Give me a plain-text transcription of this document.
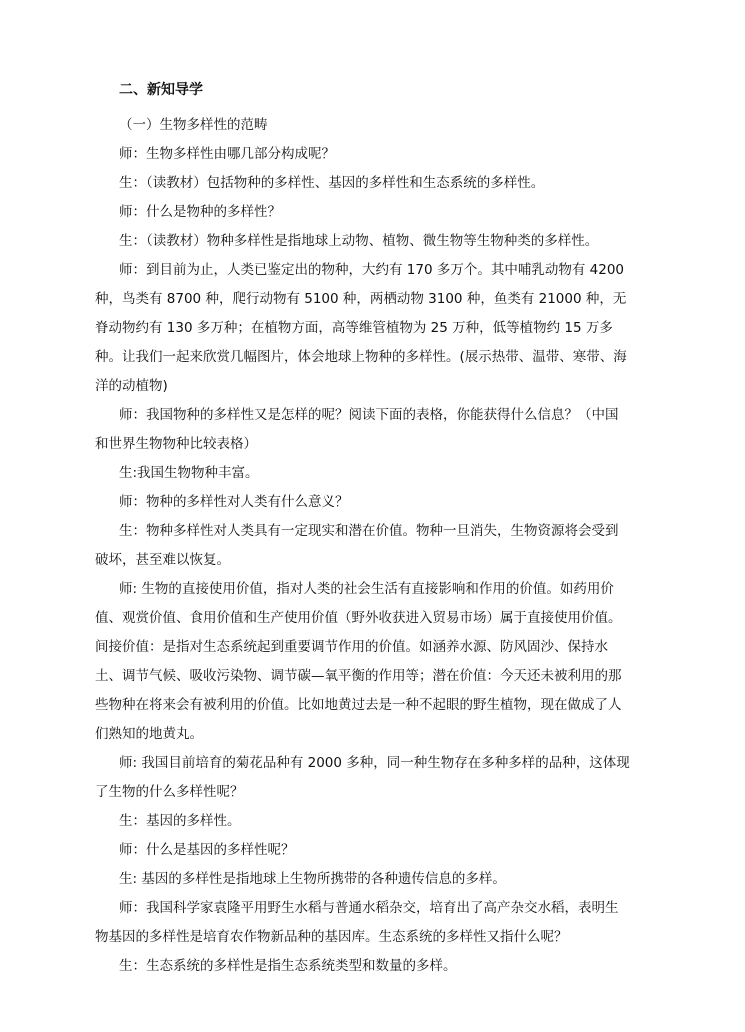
二、新知导学

（一）生物多样性的范畴

师：生物多样性由哪几部分构成呢？

生：（读教材）包括物种的多样性、基因的多样性和生态系统的多样性。

师：什么是物种的多样性？

生：（读教材）物种多样性是指地球上动物、植物、微生物等生物种类的多样性。

师：到目前为止，人类已鉴定出的物种，大约有 170 多万个。其中哺乳动物有 4200 种，鸟类有 8700 种，爬行动物有 5100 种，两栖动物 3100 种，鱼类有 21000 种，无脊动物约有 130 多万种；在植物方面，高等维管植物为 25 万种，低等植物约 15 万多种。让我们一起来欣赏几幅图片，体会地球上物种的多样性。(展示热带、温带、寒带、海洋的动植物)

师：我国物种的多样性又是怎样的呢？阅读下面的表格，你能获得什么信息？（中国和世界生物物种比较表格）

生:我国生物物种丰富。

师：物种的多样性对人类有什么意义？

生：物种多样性对人类具有一定现实和潜在价值。物种一旦消失，生物资源将会受到破坏，甚至难以恢复。

师: 生物的直接使用价值，指对人类的社会生活有直接影响和作用的价值。如药用价值、观赏价值、食用价值和生产使用价值（野外收获进入贸易市场）属于直接使用价值。间接价值：是指对生态系统起到重要调节作用的价值。如涵养水源、防风固沙、保持水土、调节气候、吸收污染物、调节碳—氧平衡的作用等；潜在价值：今天还未被利用的那些物种在将来会有被利用的价值。比如地黄过去是一种不起眼的野生植物，现在做成了人们熟知的地黄丸。

师: 我国目前培育的菊花品种有 2000 多种，同一种生物存在多种多样的品种，这体现了生物的什么多样性呢？

生：基因的多样性。

师：什么是基因的多样性呢？

生: 基因的多样性是指地球上生物所携带的各种遗传信息的多样。

师：我国科学家袁隆平用野生水稻与普通水稻杂交，培育出了高产杂交水稻，表明生物基因的多样性是培育农作物新品种的基因库。生态系统的多样性又指什么呢？

生：生态系统的多样性是指生态系统类型和数量的多样。
